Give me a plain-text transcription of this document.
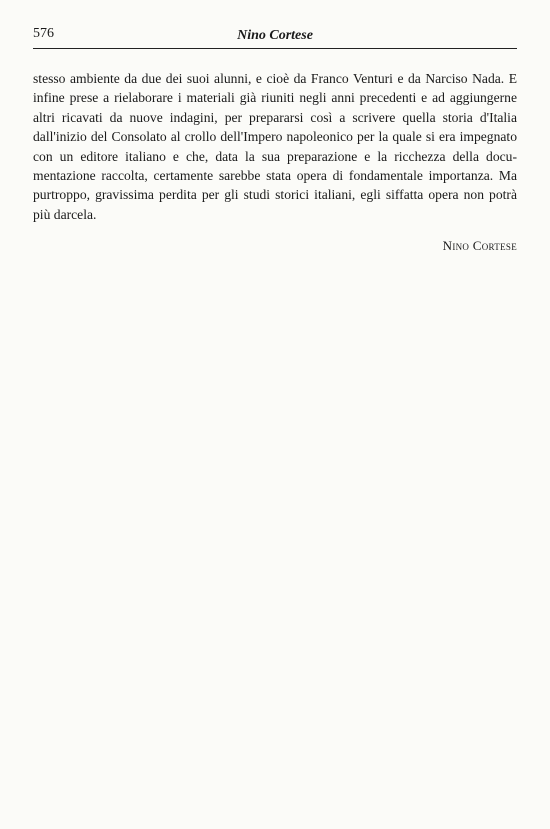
576	Nino Cortese

stesso ambiente da due dei suoi alunni, e cioè da Franco Venturi e da Narciso Nada. E infine prese a rielaborare i materiali già riuniti negli anni precedenti e ad aggiungerne altri ricavati da nuove indagini, per prepararsi così a scrivere quella storia d'Italia dall'inizio del Consolato al crollo dell'Impero napoleonico per la quale si era impegnato con un editore italiano e che, data la sua preparazione e la ricchezza della documentazione raccolta, certamente sarebbe stata opera di fondamentale importanza. Ma purtroppo, gravissima perdita per gli studi storici italiani, egli siffatta opera non potrà più darcela.

Nino Cortese
